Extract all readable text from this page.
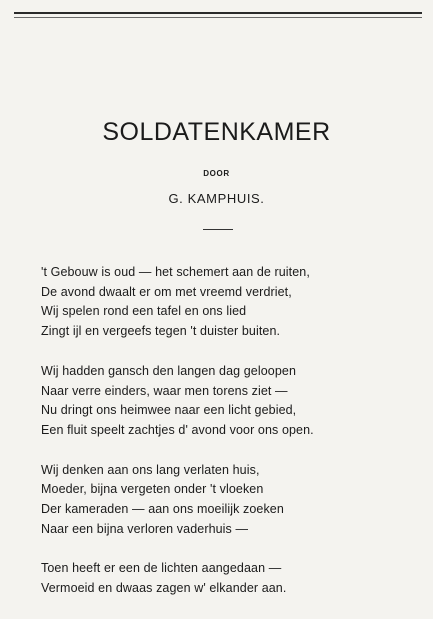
SOLDATENKAMER
DOOR
G. KAMPHUIS.
't Gebouw is oud — het schemert aan de ruiten,
De avond dwaalt er om met vreemd verdriet,
Wij spelen rond een tafel en ons lied
Zingt ijl en vergeefs tegen 't duister buiten.
Wij hadden gansch den langen dag geloopen
Naar verre einders, waar men torens ziet —
Nu dringt ons heimwee naar een licht gebied,
Een fluit speelt zachtjes d' avond voor ons open.
Wij denken aan ons lang verlaten huis,
Moeder, bijna vergeten onder 't vloeken
Der kameraden — aan ons moeilijk zoeken
Naar een bijna verloren vaderhuis —
Toen heeft er een de lichten aangedaan —
Vermoeid en dwaas zagen w' elkander aan.
